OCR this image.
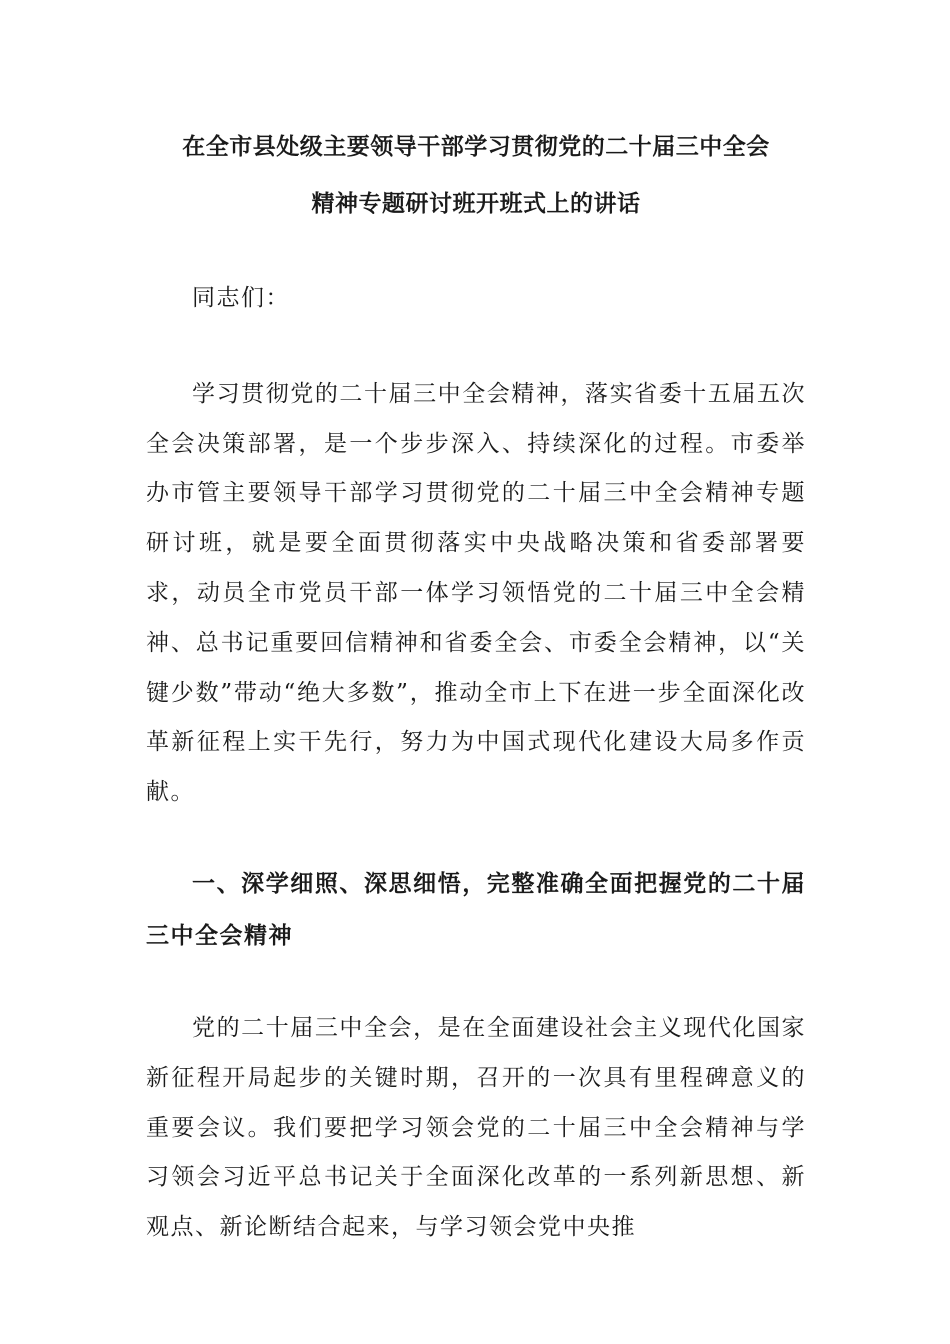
在全市县处级主要领导干部学习贯彻党的二十届三中全会
精神专题研讨班开班式上的讲话

同志们：

学习贯彻党的二十届三中全会精神，落实省委十五届五次全会决策部署，是一个步步深入、持续深化的过程。市委举办市管主要领导干部学习贯彻党的二十届三中全会精神专题研讨班，就是要全面贯彻落实中央战略决策和省委部署要求，动员全市党员干部一体学习领悟党的二十届三中全会精神、总书记重要回信精神和省委全会、市委全会精神，以“关键少数”带动“绝大多数”，推动全市上下在进一步全面深化改革新征程上实干先行，努力为中国式现代化建设大局多作贡献。

一、深学细照、深思细悟，完整准确全面把握党的二十届三中全会精神

党的二十届三中全会，是在全面建设社会主义现代化国家新征程开局起步的关键时期，召开的一次具有里程碑意义的重要会议。我们要把学习领会党的二十届三中全会精神与学习领会习近平总书记关于全面深化改革的一系列新思想、新观点、新论断结合起来，与学习领会党中央推
